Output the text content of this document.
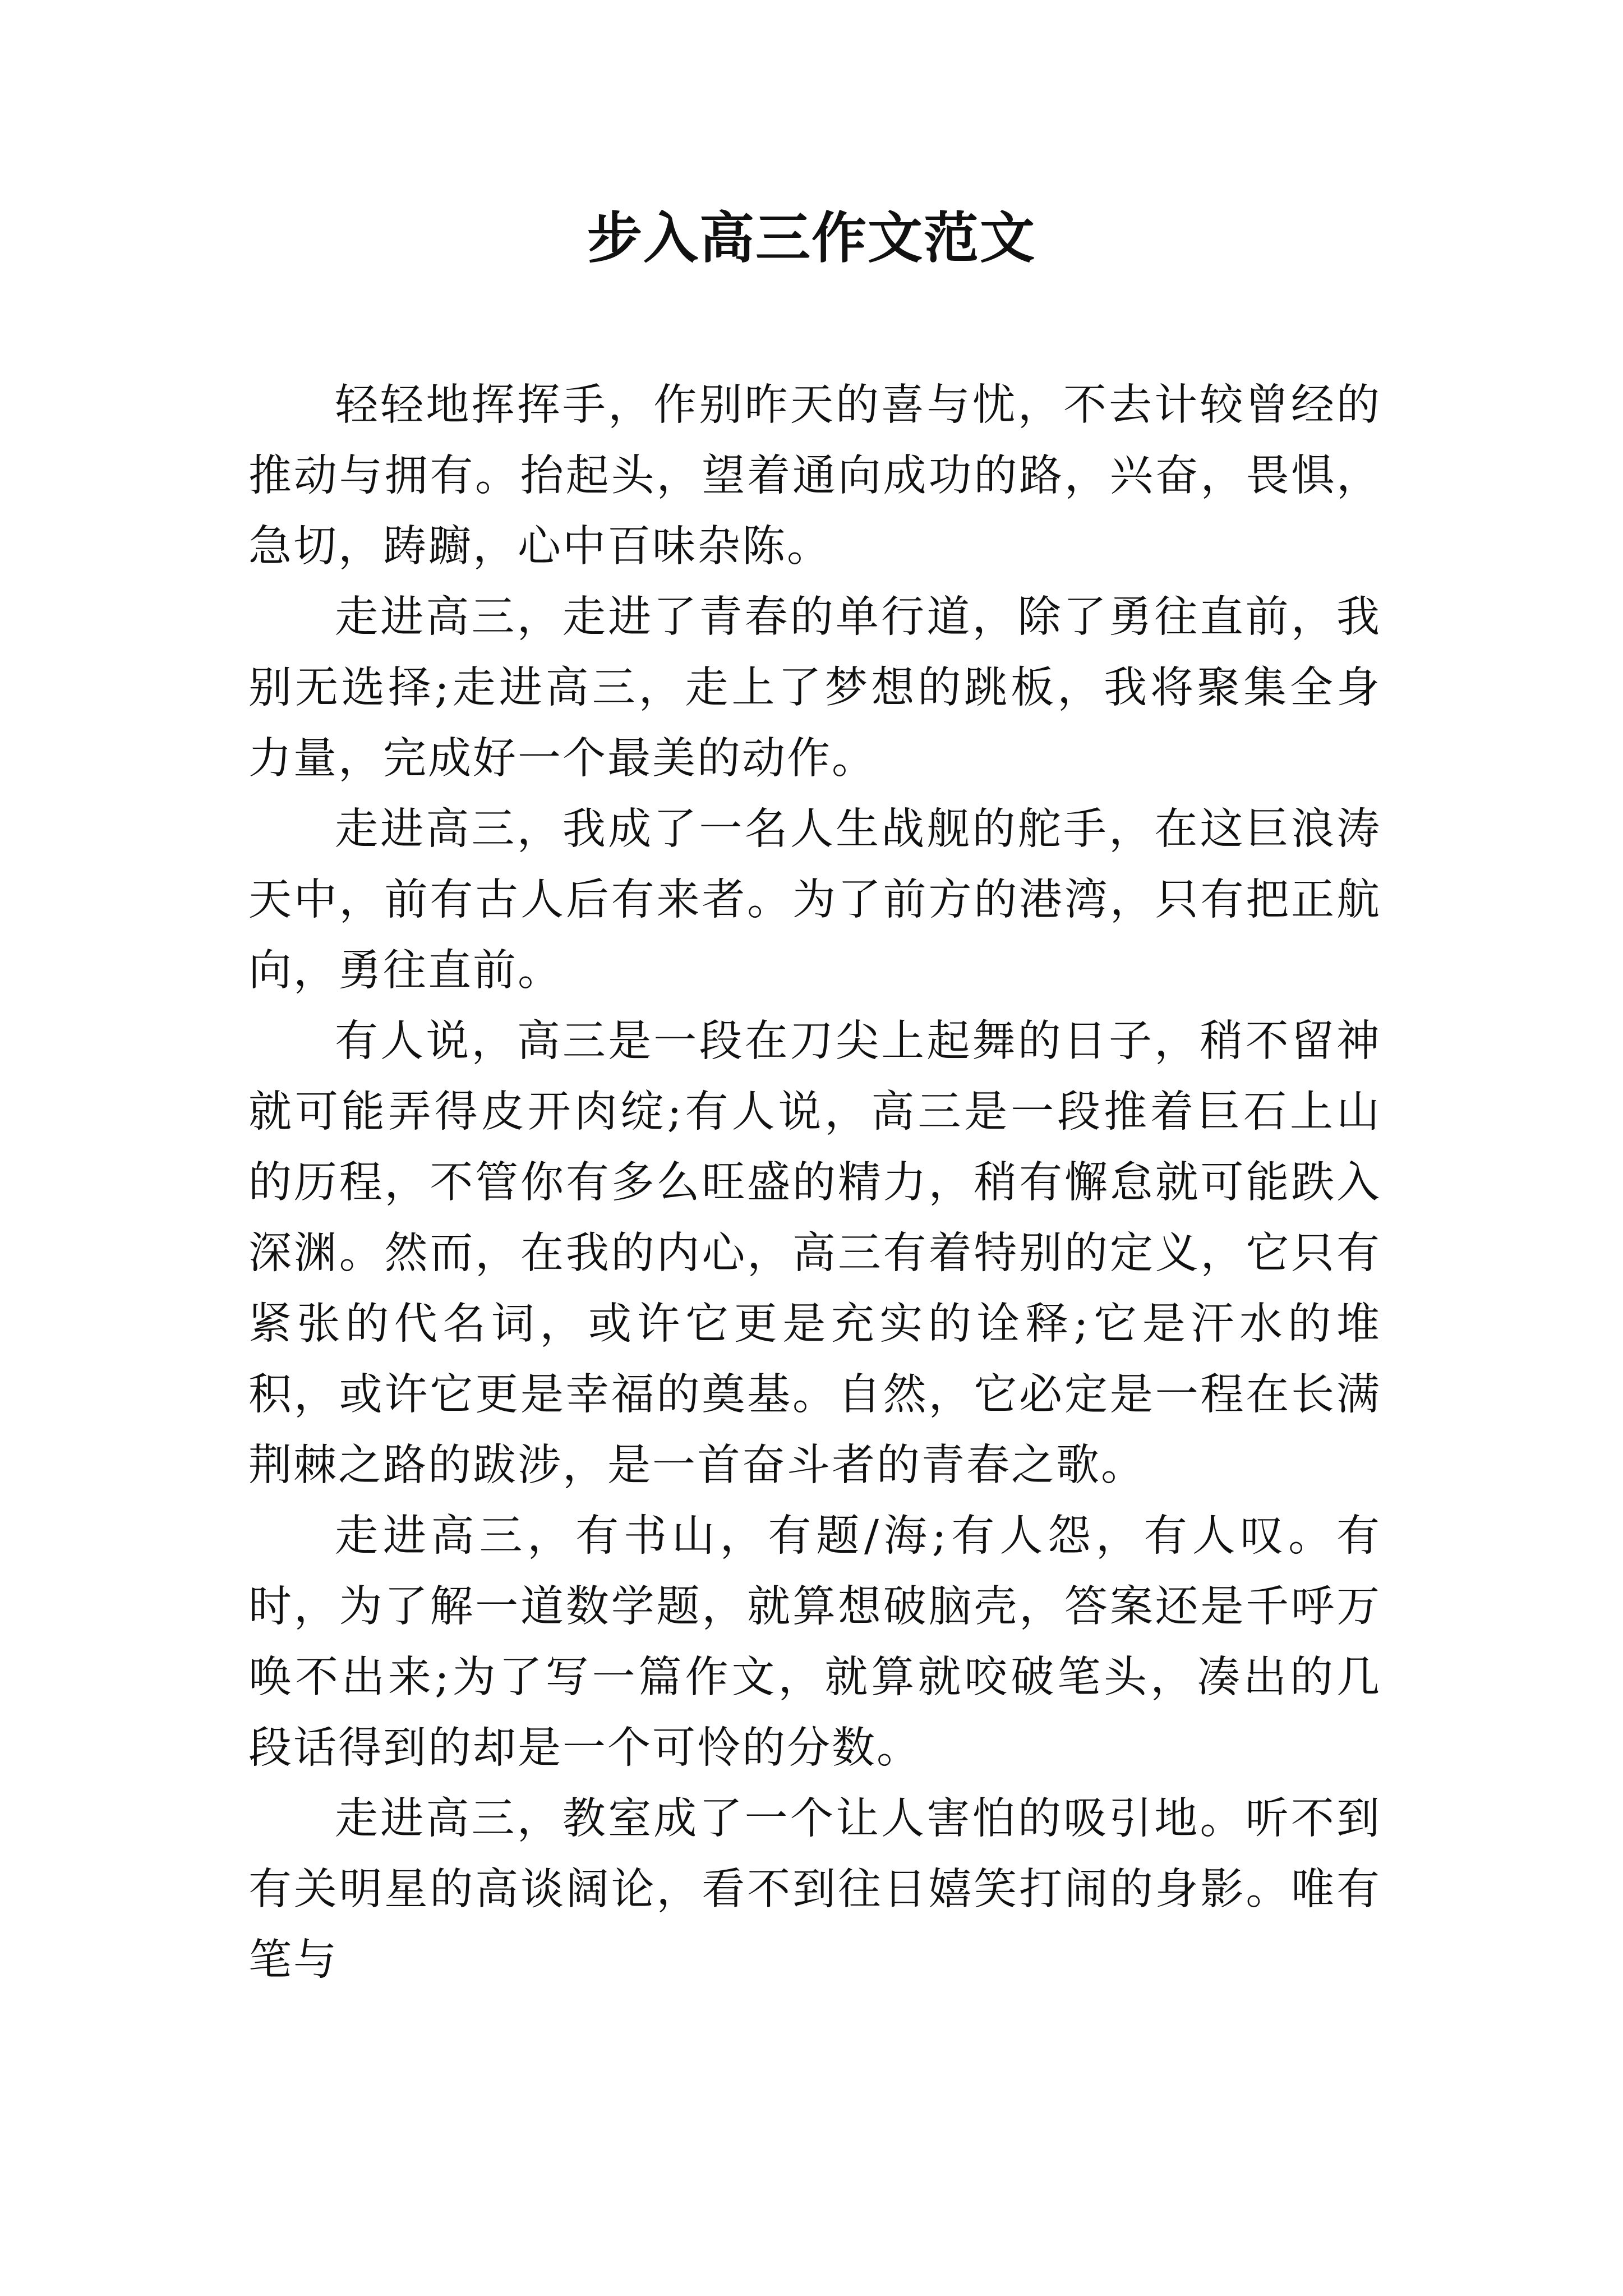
步入高三作文范文

轻轻地挥挥手，作别昨天的喜与忧，不去计较曾经的推动与拥有。抬起头，望着通向成功的路，兴奋，畏惧，急切，踌躕，心中百味杂陈。

走进高三，走进了青春的单行道，除了勇往直前，我别无选择;走进高三，走上了梦想的跳板，我将聚集全身力量，完成好一个最美的动作。

走进高三，我成了一名人生战舰的舵手，在这巨浪涛天中，前有古人后有来者。为了前方的港湾，只有把正航向，勇往直前。

有人说，高三是一段在刀尖上起舞的日子，稍不留神就可能弄得皮开肉绽;有人说，高三是一段推着巨石上山的历程，不管你有多么旺盛的精力，稍有懈怠就可能跌入深渊。然而，在我的内心，高三有着特别的定义，它只有紧张的代名词，或许它更是充实的诠释;它是汗水的堆积，或许它更是幸福的奠基。自然，它必定是一程在长满荆棘之路的跋涉，是一首奋斗者的青春之歌。

走进高三，有书山，有题/海;有人怨，有人叹。有时，为了解一道数学题，就算想破脑壳，答案还是千呼万唤不出来;为了写一篇作文，就算就咬破笔头，凑出的几段话得到的却是一个可怜的分数。

走进高三，教室成了一个让人害怕的吸引地。听不到有关明星的高谈阔论，看不到往日嬉笑打闹的身影。唯有笔与
